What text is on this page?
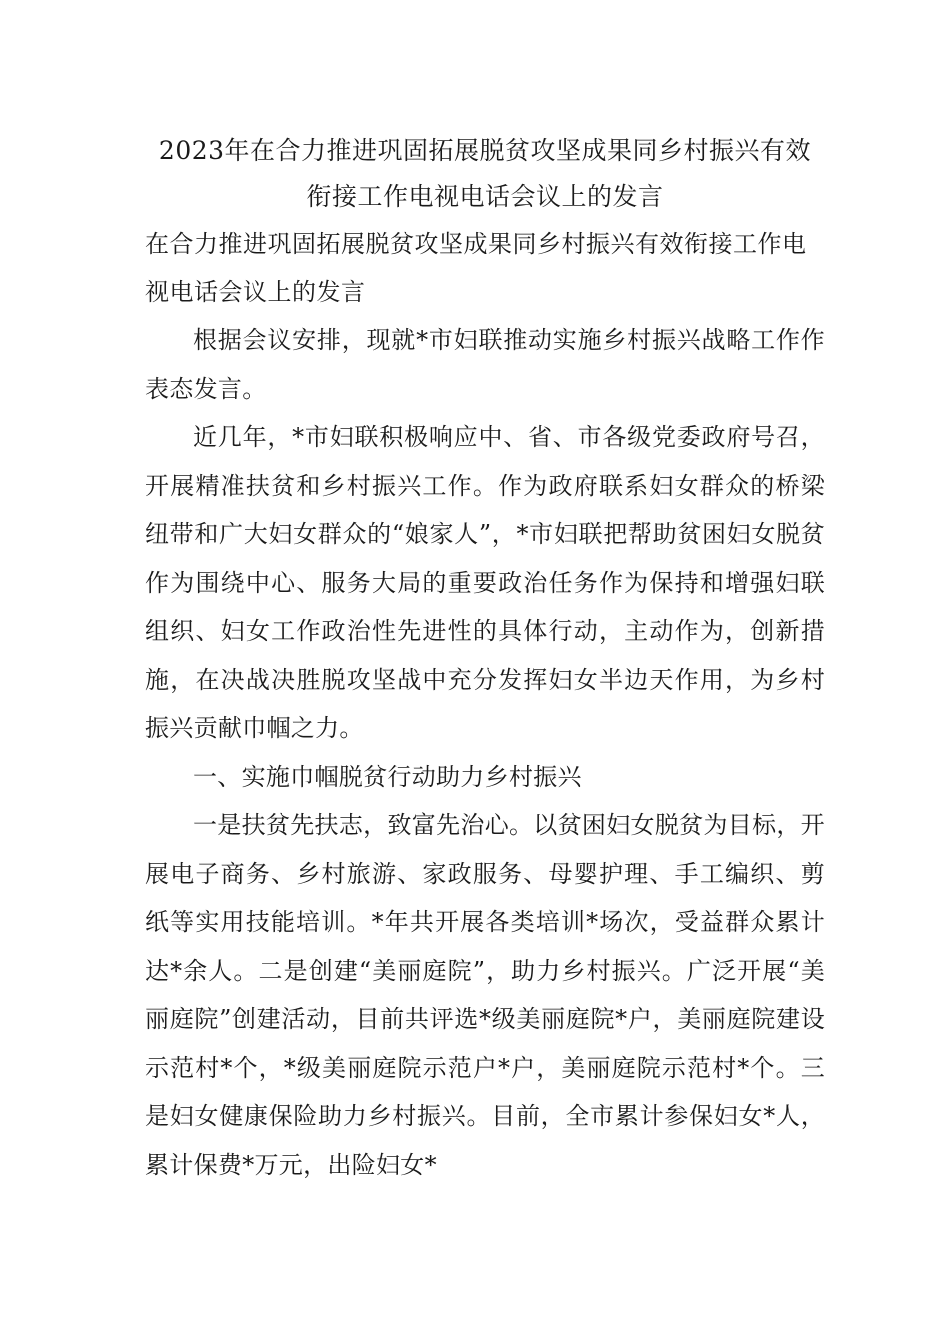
2023年在合力推进巩固拓展脱贫攻坚成果同乡村振兴有效
衔接工作电视电话会议上的发言

在合力推进巩固拓展脱贫攻坚成果同乡村振兴有效衔接工作电视电话会议上的发言

根据会议安排，现就*市妇联推动实施乡村振兴战略工作作表态发言。

近几年，*市妇联积极响应中、省、市各级党委政府号召，开展精准扶贫和乡村振兴工作。作为政府联系妇女群众的桥梁纽带和广大妇女群众的“娘家人”，*市妇联把帮助贫困妇女脱贫作为围绕中心、服务大局的重要政治任务作为保持和增强妇联组织、妇女工作政治性先进性的具体行动，主动作为，创新措施，在决战决胜脱攻坚战中充分发挥妇女半边天作用，为乡村振兴贡献巾帼之力。

一、实施巾帼脱贫行动助力乡村振兴

一是扶贫先扶志，致富先治心。以贫困妇女脱贫为目标，开展电子商务、乡村旅游、家政服务、母婴护理、手工编织、剪纸等实用技能培训。*年共开展各类培训*场次，受益群众累计达*余人。二是创建“美丽庭院”，助力乡村振兴。广泛开展“美丽庭院”创建活动，目前共评选*级美丽庭院*户，美丽庭院建设示范村*个，*级美丽庭院示范户*户，美丽庭院示范村*个。三是妇女健康保险助力乡村振兴。目前，全市累计参保妇女*人，累计保费*万元，出险妇女*
